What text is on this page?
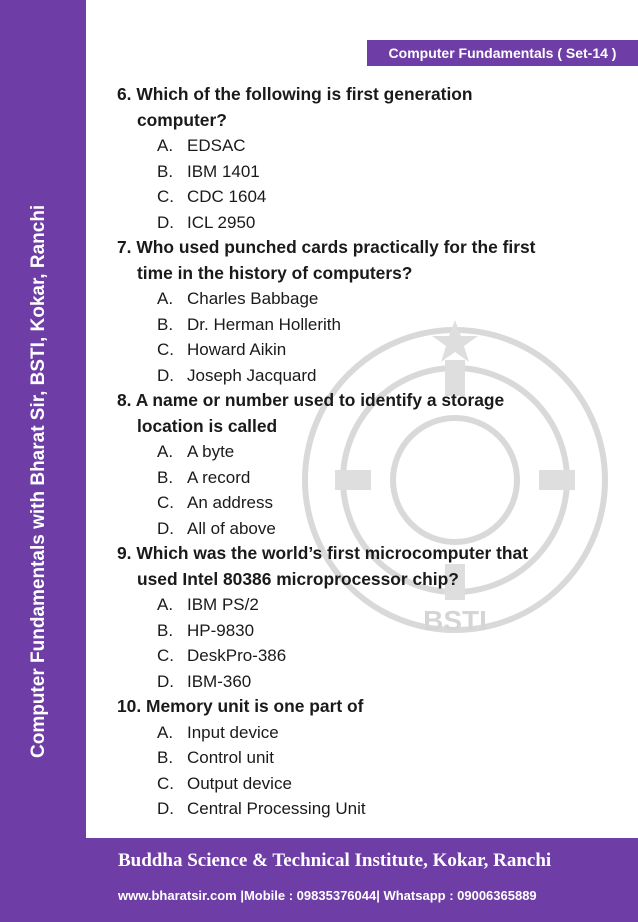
Computer Fundamentals with Bharat Sir, BSTI, Kokar, Ranchi
Computer Fundamentals ( Set-14 )
BSTI
6. Which of the following is first generation
computer?
A. EDSAC
B. IBM 1401
C. CDC 1604
D. ICL 2950
7. Who used punched cards practically for the first
time in the history of computers?
A. Charles Babbage
B. Dr. Herman Hollerith
C. Howard Aikin
D. Joseph Jacquard
8. A name or number used to identify a storage
location is called
A. A byte
B. A record
C. An address
D. All of above
9. Which was the world’s first microcomputer that
used Intel 80386 microprocessor chip?
A. IBM PS/2
B. HP-9830
C. DeskPro-386
D. IBM-360
10. Memory unit is one part of
A. Input device
B. Control unit
C. Output device
D. Central Processing Unit
Buddha Science & Technical Institute, Kokar, Ranchi
www.bharatsir.com |Mobile : 09835376044| Whatsapp : 09006365889
